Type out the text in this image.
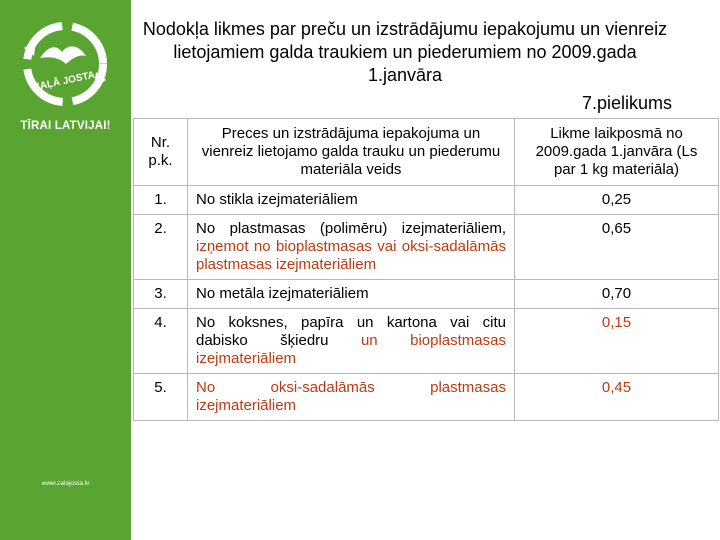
ZAĻĀ JOSTA
TĪRAI LATVIJAI!
www.zalajosta.lv
Nodokļa likmes par preču un izstrādājumu iepakojumu un vienreiz lietojamiem galda traukiem un piederumiem no 2009.gada 1.janvāra
7.pielikums
Nr. p.k.	Preces un izstrādājuma iepakojuma un vienreiz lietojamo galda trauku un piederumu materiāla veids	Likme laikposmā no 2009.gada 1.janvāra (Ls par 1 kg materiāla)
1.	No stikla izejmateriāliem	0,25
2.	No plastmasas (polimēru) izejmateriāliem, izņemot no bioplastmasas vai oksi-sadalāmās plastmasas izejmateriāliem	0,65
3.	No metāla izejmateriāliem	0,70
4.	No koksnes, papīra un kartona vai citu dabisko šķiedru un bioplastmasas izejmateriāliem	0,15
5.	No oksi-sadalāmās plastmasas izejmateriāliem	0,45
